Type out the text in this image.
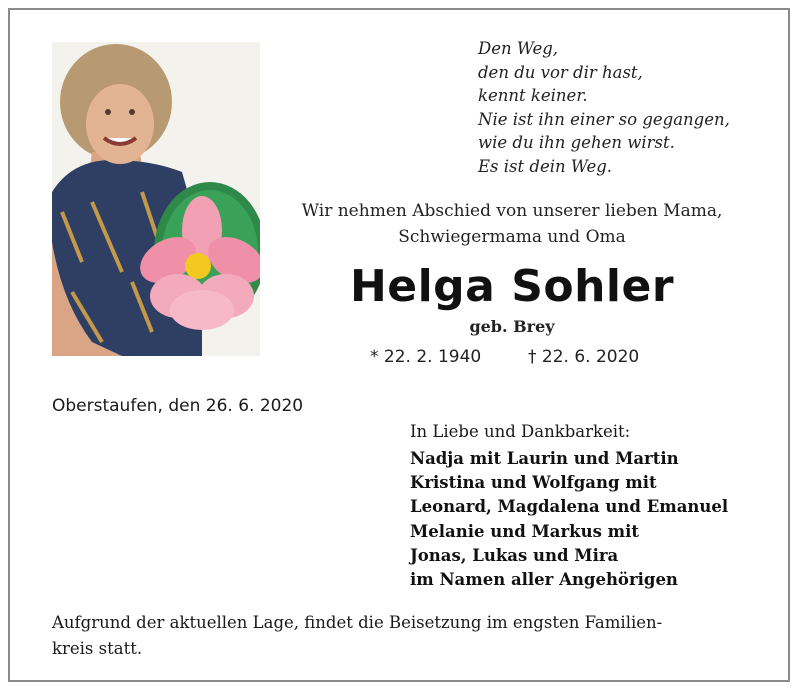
Den Weg,
den du vor dir hast,
kennt keiner.
Nie ist ihn einer so gegangen,
wie du ihn gehen wirst.
Es ist dein Weg.
Wir nehmen Abschied von unserer lieben Mama,
Schwiegermama und Oma
Helga Sohler
geb. Brey
* 22. 2. 1940	† 22. 6. 2020
Oberstaufen, den 26. 6. 2020
In Liebe und Dankbarkeit:
Nadja mit Laurin und Martin
Kristina und Wolfgang mit
Leonard, Magdalena und Emanuel
Melanie und Markus mit
Jonas, Lukas und Mira
im Namen aller Angehörigen
Aufgrund der aktuellen Lage, findet die Beisetzung im engsten Familien-
kreis statt.
